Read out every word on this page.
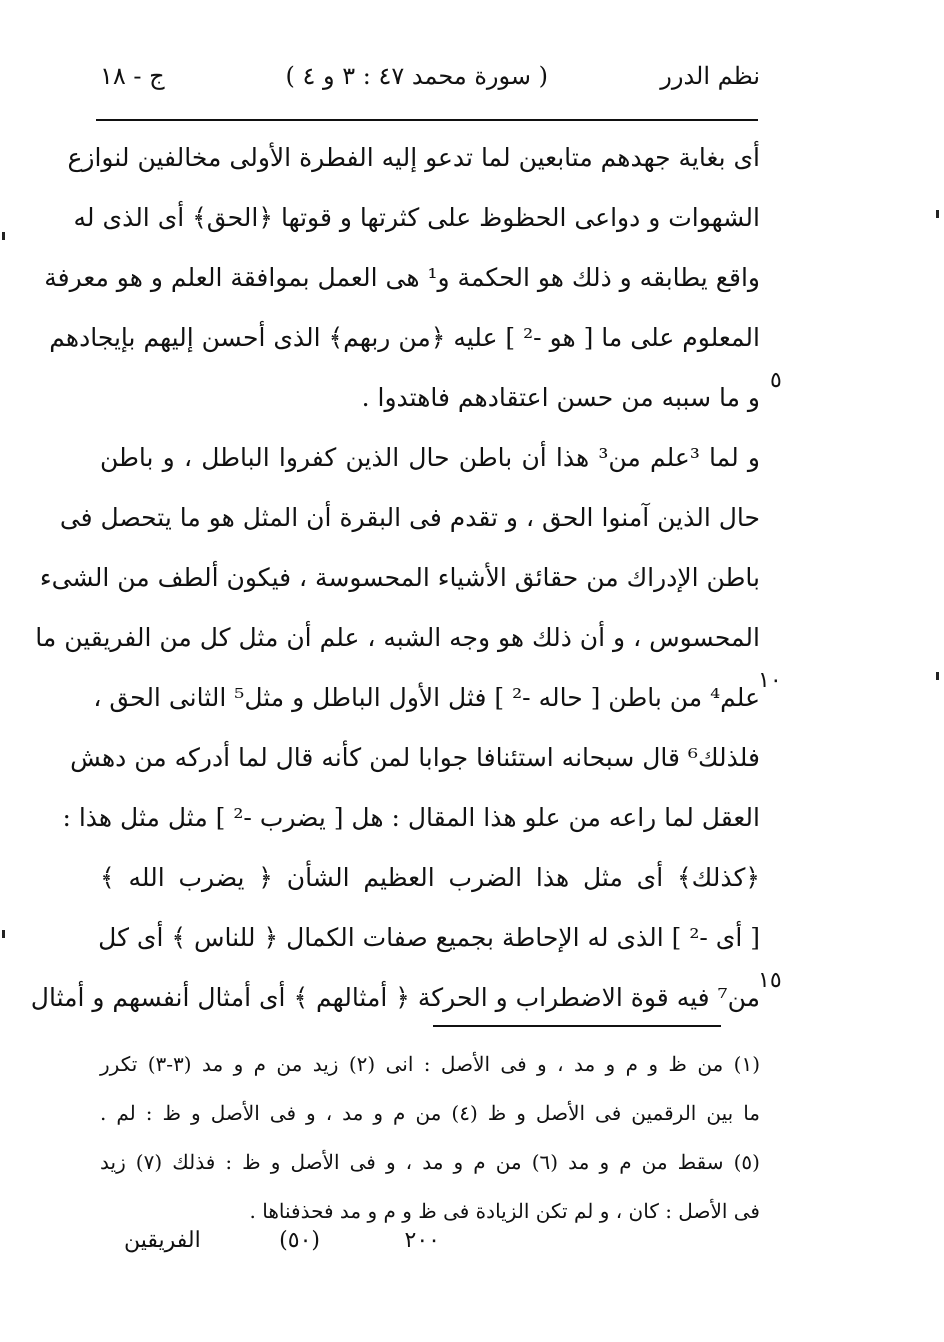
نظم الدرر
( سورة محمد ٤٧ : ٣ و ٤ )
ج - ١٨
أى بغاية جهدهم متابعين لما تدعو إليه الفطرة الأولى مخالفين لنوازع
الشهوات و دواعى الحظوظ على كثرتها و قوتها ﴿الحق﴾ أى الذى له
واقع يطابقه و ذلك هو الحكمة و¹ هى العمل بموافقة العلم و هو معرفة
المعلوم على ما [ هو -² ] عليه ﴿من ربهم﴾ الذى أحسن إليهم بإيجادهم
و ما سببه من حسن اعتقادهم فاهتدوا .
و لما ³علم من³ هذا أن باطن حال الذين كفروا الباطل ، و باطن
حال الذين آمنوا الحق ، و تقدم فى البقرة أن المثل هو ما يتحصل فى
باطن الإدراك من حقائق الأشياء المحسوسة ، فيكون ألطف من الشىء
المحسوس ، و أن ذلك هو وجه الشبه ، علم أن مثل كل من الفريقين ما
علم⁴ من باطن [ حاله -² ] فثل الأول الباطل و مثل⁵ الثانى الحق ،
فلذلك⁶ قال سبحانه استئنافا جوابا لمن كأنه قال لما أدركه من دهش
العقل لما راعه من علو هذا المقال : هل [ يضرب -² ] مثل مثل هذا :
﴿كذلك﴾ أى مثل هذا الضرب العظيم الشأن ﴿ يضرب الله ﴾
[ أى -² ] الذى له الإحاطة بجميع صفات الكمال ﴿ للناس ﴾ أى كل
من⁷ فيه قوة الاضطراب و الحركة ﴿ أمثالهم ﴾ أى أمثال أنفسهم و أمثال
٥
١٠
١٥
(١) من ظ و م و مد ، و فى الأصل : انى (٢) زيد من م و مد (٣-٣) تكرر
ما بين الرقمين فى الأصل و ظ (٤) من م و مد ، و فى الأصل و ظ : لم .
(٥) سقط من م و مد (٦) من م و مد ، و فى الأصل و ظ : فذلك (٧) زيد
فى الأصل : كان ، و لم تكن الزيادة فى ظ و م و مد فحذفناها .
٢٠٠
(٥٠)
الفريقين
